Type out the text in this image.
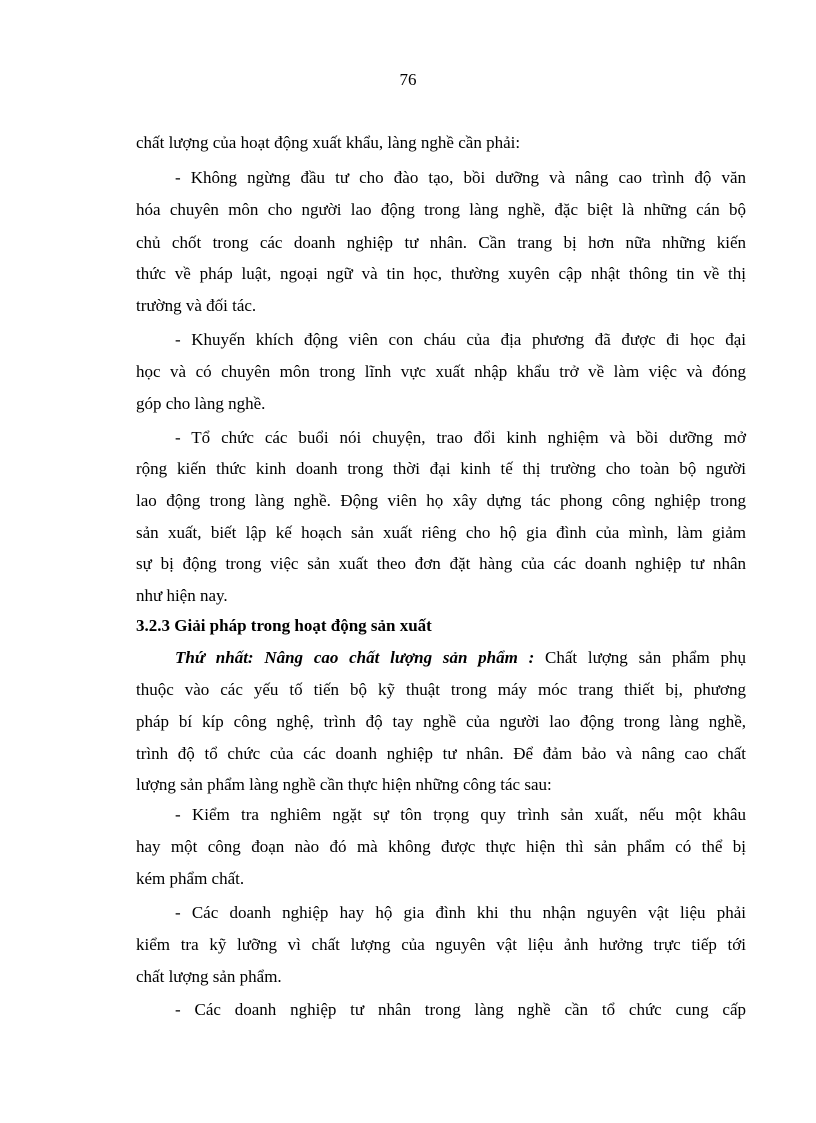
76
chất lượng của hoạt động xuất khẩu, làng nghề cần phải:
- Không ngừng đầu tư cho đào tạo, bồi dưỡng và nâng cao trình độ văn
hóa chuyên môn cho người lao động trong làng nghề, đặc biệt là những cán bộ
chủ chốt trong các doanh nghiệp tư nhân. Cần trang bị hơn nữa những kiến
thức về pháp luật, ngoại ngữ và tin học, thường xuyên cập nhật thông tin về thị
trường và đối tác.
- Khuyến khích động viên con cháu của địa phương đã được đi học đại
học và có chuyên môn trong lĩnh vực xuất nhập khẩu trở về làm việc và đóng
góp cho làng nghề.
- Tổ chức các buổi nói chuyện, trao đổi kinh nghiệm và bồi dưỡng mở
rộng kiến thức kinh doanh trong thời đại kinh tế thị trường cho toàn bộ người
lao động trong làng nghề. Động viên họ xây dựng tác phong công nghiệp trong
sản xuất, biết lập kế hoạch sản xuất riêng cho hộ gia đình của mình, làm giảm
sự bị động trong việc sản xuất theo đơn đặt hàng của các doanh nghiệp tư nhân
như hiện nay.
3.2.3 Giải pháp trong hoạt động sản xuất
Thứ nhất: Nâng cao chất lượng sản phẩm : Chất lượng sản phẩm phụ
thuộc vào các yếu tố tiến bộ kỹ thuật trong máy móc trang thiết bị, phương
pháp bí kíp công nghệ, trình độ tay nghề của người lao động trong làng nghề,
trình độ tổ chức của các doanh nghiệp tư nhân. Để đảm bảo và nâng cao chất
lượng sản phẩm làng nghề cần thực hiện những công tác sau:
- Kiểm tra nghiêm ngặt sự tôn trọng quy trình sản xuất, nếu một khâu
hay một công đoạn nào đó mà không được thực hiện thì sản phẩm có thể bị
kém phẩm chất.
- Các doanh nghiệp hay hộ gia đình khi thu nhận nguyên vật liệu phải
kiểm tra kỹ lưỡng vì chất lượng của nguyên vật liệu ảnh hưởng trực tiếp tới
chất lượng sản phẩm.
- Các doanh nghiệp tư nhân trong làng nghề cần tổ chức cung cấp
